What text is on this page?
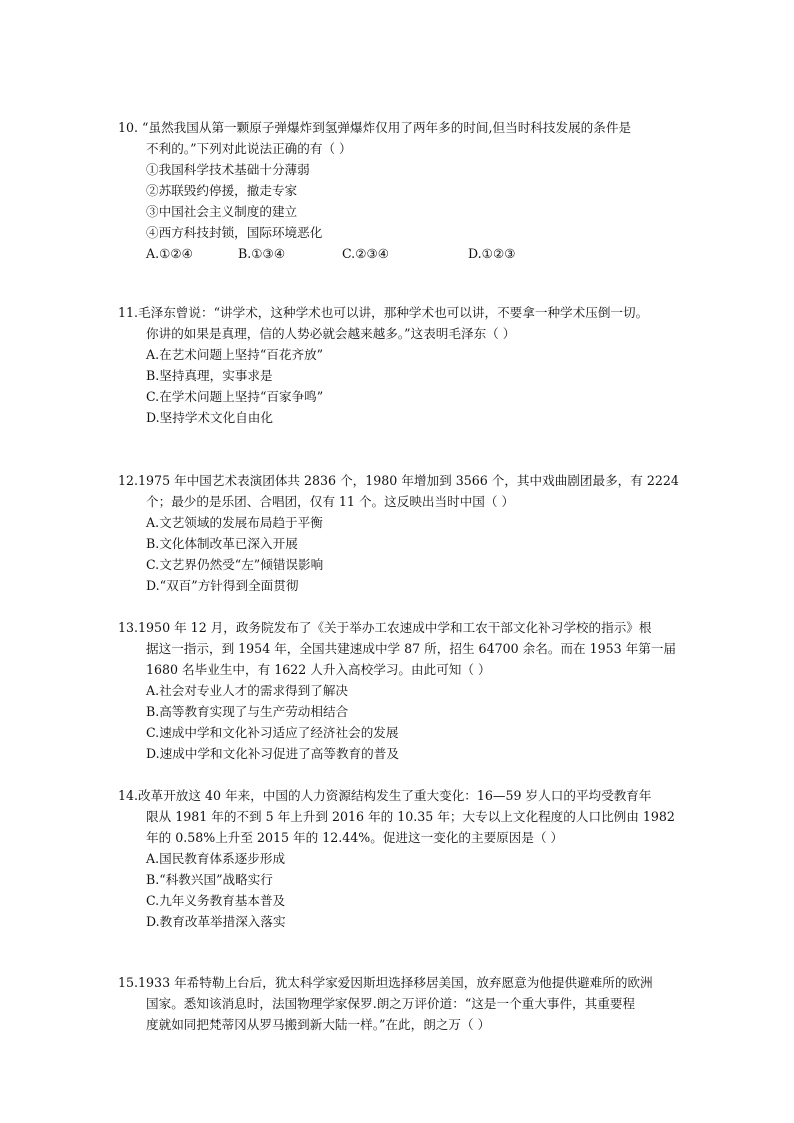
10. “虽然我国从第一颗原子弹爆炸到氢弹爆炸仅用了两年多的时间,但当时科技发展的条件是
不利的。”下列对此说法正确的有（ ）
①我国科学技术基础十分薄弱
②苏联毁约停援，撤走专家
③中国社会主义制度的建立
④西方科技封锁，国际环境恶化
A.①②④	B.①③④	C.②③④	D.①②③
11.毛泽东曾说：“讲学术，这种学术也可以讲，那种学术也可以讲，不要拿一种学术压倒一切。
你讲的如果是真理，信的人势必就会越来越多。”这表明毛泽东（ ）
A.在艺术问题上坚持“百花齐放”
B.坚持真理，实事求是
C.在学术问题上坚持“百家争鸣”
D.坚持学术文化自由化
12.1975 年中国艺术表演团体共 2836 个，1980 年增加到 3566 个，其中戏曲剧团最多，有 2224
个；最少的是乐团、合唱团，仅有 11 个。这反映出当时中国（ ）
A.文艺领域的发展布局趋于平衡
B.文化体制改革已深入开展
C.文艺界仍然受“左”倾错误影响
D.“双百”方针得到全面贯彻
13.1950 年 12 月，政务院发布了《关于举办工农速成中学和工农干部文化补习学校的指示》根
据这一指示，到 1954 年，全国共建速成中学 87 所，招生 64700 余名。而在 1953 年第一届
1680 名毕业生中，有 1622 人升入高校学习。由此可知（ ）
A.社会对专业人才的需求得到了解决
B.高等教育实现了与生产劳动相结合
C.速成中学和文化补习适应了经济社会的发展
D.速成中学和文化补习促进了高等教育的普及
14.改革开放这 40 年来，中国的人力资源结构发生了重大变化：16—59 岁人口的平均受教育年
限从 1981 年的不到 5 年上升到 2016 年的 10.35 年；大专以上文化程度的人口比例由 1982
年的 0.58%上升至 2015 年的 12.44%。促进这一变化的主要原因是（ ）
A.国民教育体系逐步形成
B.“科教兴国”战略实行
C.九年义务教育基本普及
D.教育改革举措深入落实
15.1933 年希特勒上台后，犹太科学家爱因斯坦选择移居美国，放弃愿意为他提供避难所的欧洲
国家。悉知该消息时，法国物理学家保罗.朗之万评价道：“这是一个重大事件，其重要程
度就如同把梵蒂冈从罗马搬到新大陆一样。”在此，朗之万（ ）
